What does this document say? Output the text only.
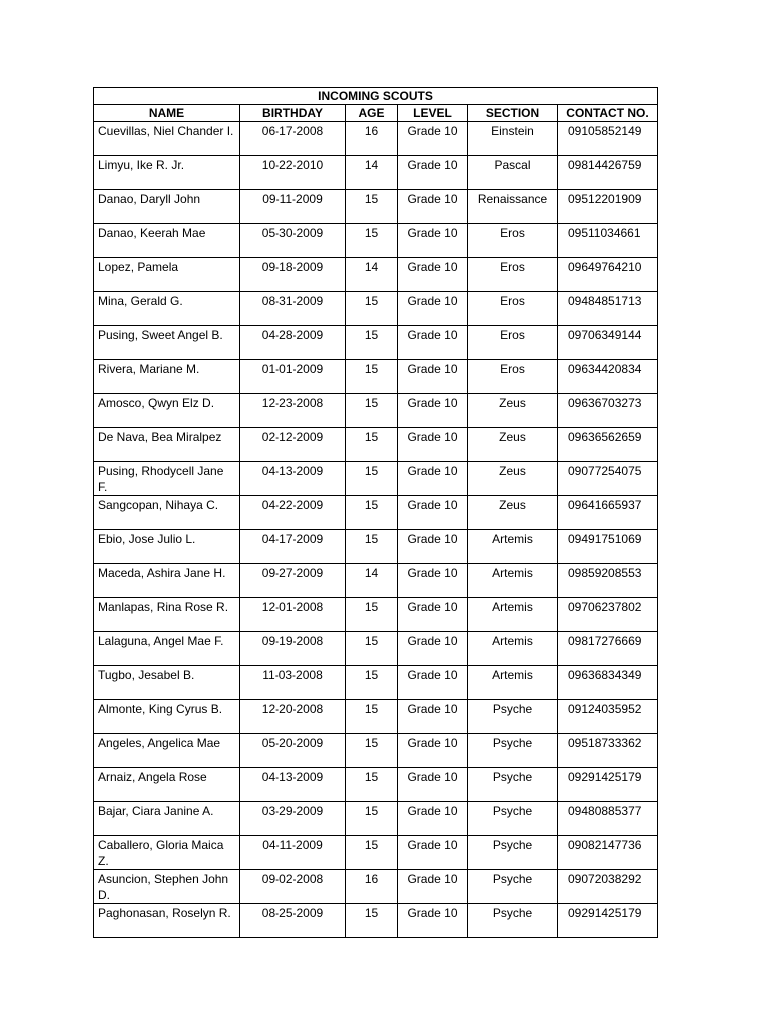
INCOMING SCOUTS					
NAME	BIRTHDAY	AGE	LEVEL	SECTION	CONTACT NO.
Cuevillas, Niel Chander I.	06-17-2008	16	Grade 10	Einstein	09105852149
Limyu, Ike R. Jr.	10-22-2010	14	Grade 10	Pascal	09814426759
Danao, Daryll John	09-11-2009	15	Grade 10	Renaissance	09512201909
Danao, Keerah Mae	05-30-2009	15	Grade 10	Eros	09511034661
Lopez, Pamela	09-18-2009	14	Grade 10	Eros	09649764210
Mina, Gerald G.	08-31-2009	15	Grade 10	Eros	09484851713
Pusing, Sweet Angel B.	04-28-2009	15	Grade 10	Eros	09706349144
Rivera, Mariane M.	01-01-2009	15	Grade 10	Eros	09634420834
Amosco, Qwyn Elz D.	12-23-2008	15	Grade 10	Zeus	09636703273
De Nava, Bea Miralpez	02-12-2009	15	Grade 10	Zeus	09636562659
Pusing, Rhodycell Jane F.	04-13-2009	15	Grade 10	Zeus	09077254075
Sangcopan, Nihaya C.	04-22-2009	15	Grade 10	Zeus	09641665937
Ebio, Jose Julio L.	04-17-2009	15	Grade 10	Artemis	09491751069
Maceda, Ashira Jane H.	09-27-2009	14	Grade 10	Artemis	09859208553
Manlapas, Rina Rose R.	12-01-2008	15	Grade 10	Artemis	09706237802
Lalaguna, Angel Mae F.	09-19-2008	15	Grade 10	Artemis	09817276669
Tugbo, Jesabel B.	11-03-2008	15	Grade 10	Artemis	09636834349
Almonte, King Cyrus B.	12-20-2008	15	Grade 10	Psyche	09124035952
Angeles, Angelica Mae	05-20-2009	15	Grade 10	Psyche	09518733362
Arnaiz, Angela Rose	04-13-2009	15	Grade 10	Psyche	09291425179
Bajar, Ciara Janine A.	03-29-2009	15	Grade 10	Psyche	09480885377
Caballero, Gloria Maica Z.	04-11-2009	15	Grade 10	Psyche	09082147736
Asuncion, Stephen John D.	09-02-2008	16	Grade 10	Psyche	09072038292
Paghonasan, Roselyn R.	08-25-2009	15	Grade 10	Psyche	09291425179
